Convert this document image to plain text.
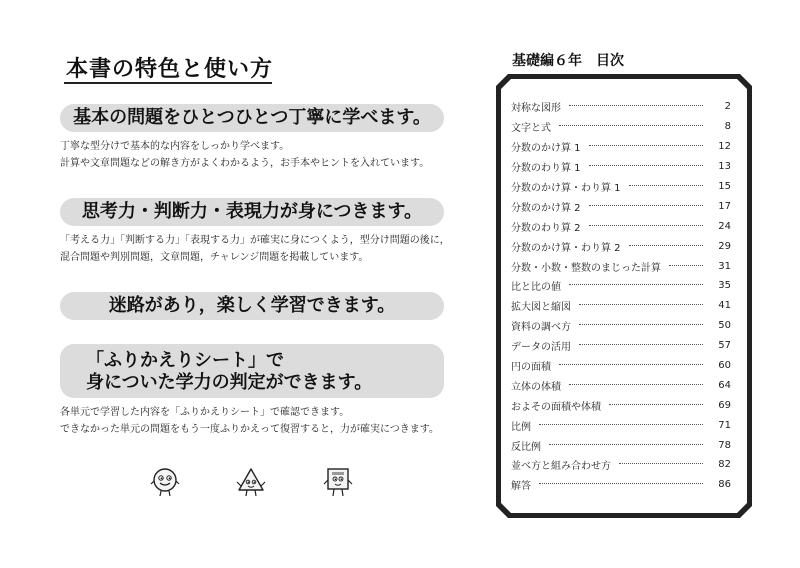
本書の特色と使い方
基本の問題をひとつひとつ丁寧に学べます。
丁寧な型分けで基本的な内容をしっかり学べます。
計算や文章問題などの解き方がよくわかるよう，お手本やヒントを入れています。
思考力・判断力・表現力が身につきます。
「考える力」「判断する力」「表現する力」が確実に身につくよう，型分け問題の後に，
混合問題や判別問題，文章問題，チャレンジ問題を掲載しています。
迷路があり，楽しく学習できます。
「ふりかえりシート」で
身についた学力の判定ができます。
各単元で学習した内容を「ふりかえりシート」で確認できます。
できなかった単元の問題をもう一度ふりかえって復習すると，力が確実につきます。
基礎編６年　目次
対称な図形	2
文字と式	8
分数のかけ算 1	12
分数のわり算 1	13
分数のかけ算・わり算 1	15
分数のかけ算 2	17
分数のわり算 2	24
分数のかけ算・わり算 2	29
分数・小数・整数のまじった計算	31
比と比の値	35
拡大図と縮図	41
資料の調べ方	50
データの活用	57
円の面積	60
立体の体積	64
およその面積や体積	69
比例	71
反比例	78
並べ方と組み合わせ方	82
解答	86
